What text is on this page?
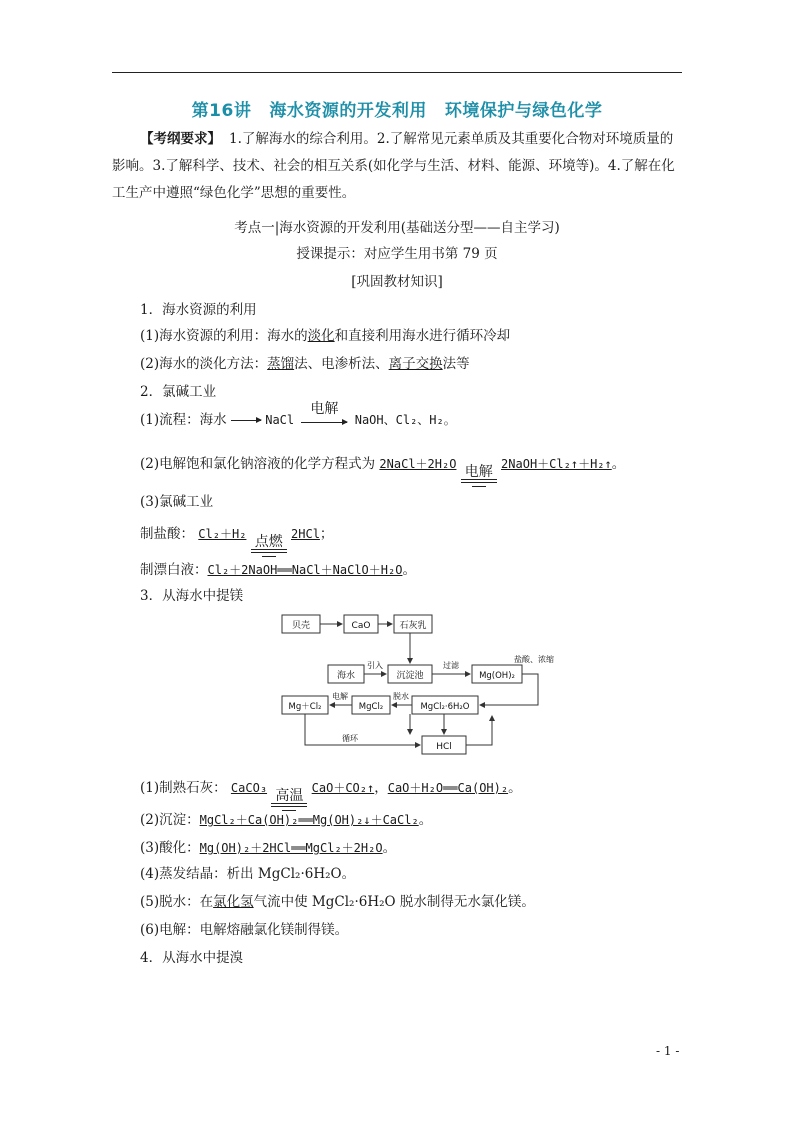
第16讲 海水资源的开发利用 环境保护与绿色化学
【考纲要求】 1.了解海水的综合利用。2.了解常见元素单质及其重要化合物对环境质量的影响。3.了解科学、技术、社会的相互关系(如化学与生活、材料、能源、环境等)。4.了解在化工生产中遵照“绿色化学”思想的重要性。
考点一|海水资源的开发利用(基础送分型——自主学习)
授课提示：对应学生用书第 79 页
[巩固教材知识]
1．海水资源的利用
(1)海水资源的利用：海水的淡化和直接利用海水进行循环冷却
(2)海水的淡化方法：蒸馏法、电渗析法、离子交换法等
2．氯碱工业
(1)流程：海水	NaCl
电解
NaOH、Cl₂、H₂。
(2)电解饱和氯化钠溶液的化学方程式为 2NaCl＋2H₂O 电解 2NaOH＋Cl₂↑＋H₂↑。
(3)氯碱工业
制盐酸： Cl₂＋H₂ 点燃 2HCl；
制漂白液：Cl₂＋2NaOH══NaCl＋NaClO＋H₂O。
3．从海水中提镁
贝壳	CaO	石灰乳
海水
引入
沉淀池
过滤
Mg(OH)₂
盐酸、浓缩
MgCl₂·6H₂O
脱水
MgCl₂
电解
Mg＋Cl₂
循环
HCl
(1)制熟石灰： CaCO₃ 高温 CaO＋CO₂↑，CaO＋H₂O══Ca(OH)₂。
(2)沉淀：MgCl₂＋Ca(OH)₂══Mg(OH)₂↓＋CaCl₂。
(3)酸化：Mg(OH)₂＋2HCl══MgCl₂＋2H₂O。
(4)蒸发结晶：析出 MgCl₂·6H₂O。
(5)脱水：在氯化氢气流中使 MgCl₂·6H₂O 脱水制得无水氯化镁。
(6)电解：电解熔融氯化镁制得镁。
4．从海水中提溴
- 1 -
